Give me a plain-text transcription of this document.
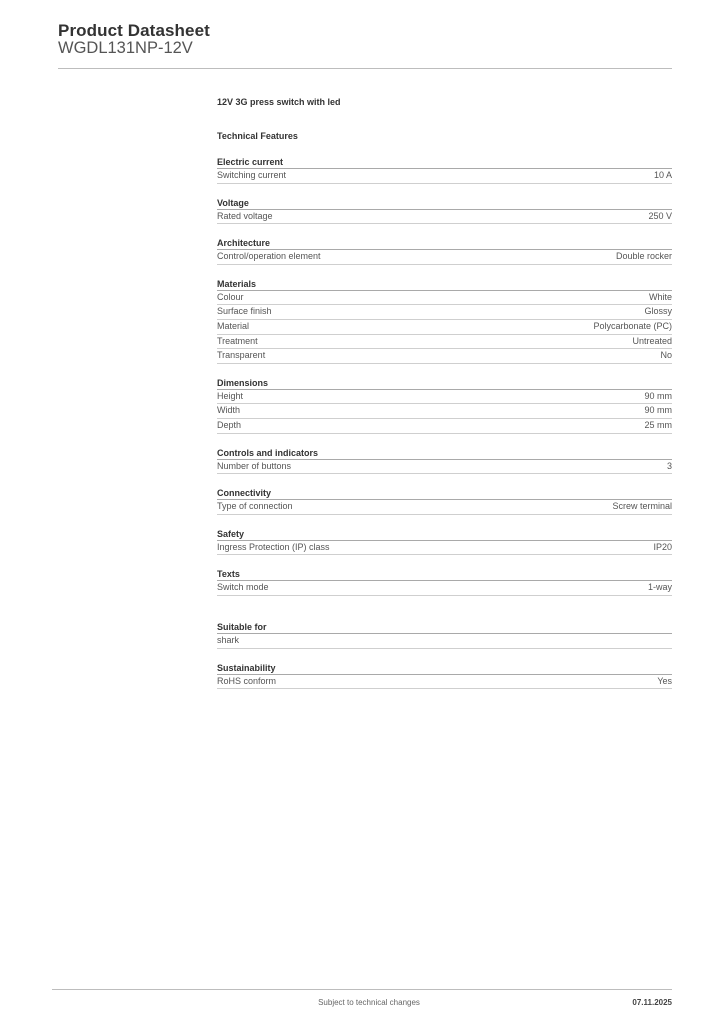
Product Datasheet
WGDL131NP-12V
12V 3G press switch with led
Technical Features
Electric current
Switching current	10 A
Voltage
Rated voltage	250 V
Architecture
Control/operation element	Double rocker
Materials
Colour	White
Surface finish	Glossy
Material	Polycarbonate (PC)
Treatment	Untreated
Transparent	No
Dimensions
Height	90 mm
Width	90 mm
Depth	25 mm
Controls and indicators
Number of buttons	3
Connectivity
Type of connection	Screw terminal
Safety
Ingress Protection (IP) class	IP20
Texts
Switch mode	1-way
Suitable for
shark
Sustainability
RoHS conform	Yes
Subject to technical changes	07.11.2025
